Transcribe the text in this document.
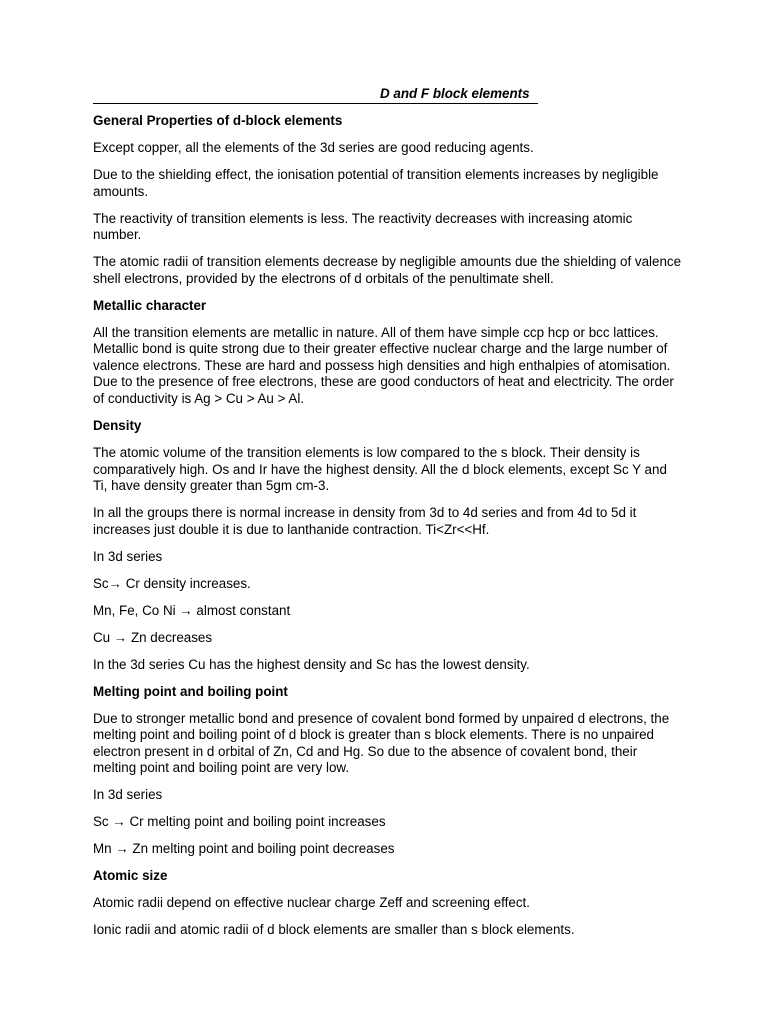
D and F block elements
General Properties of d-block elements
Except copper, all the elements of the 3d series are good reducing agents.
Due to the shielding effect, the ionisation potential of transition elements increases by negligible amounts.
The reactivity of transition elements is less. The reactivity decreases with increasing atomic number.
The atomic radii of transition elements decrease by negligible amounts due the shielding of valence shell electrons, provided by the electrons of d orbitals of the penultimate shell.
Metallic character
All the transition elements are metallic in nature. All of them have simple ccp hcp or bcc lattices. Metallic bond is quite strong due to their greater effective nuclear charge and the large number of valence electrons. These are hard and possess high densities and high enthalpies of atomisation. Due to the presence of free electrons, these are good conductors of heat and electricity. The order of conductivity is Ag > Cu > Au > Al.
Density
The atomic volume of the transition elements is low compared to the s block. Their density is comparatively high. Os and Ir have the highest density. All the d block elements, except Sc Y and Ti, have density greater than 5gm cm-3.
In all the groups there is normal increase in density from 3d to 4d series and from 4d to 5d it increases just double it is due to lanthanide contraction. Ti<Zr<<Hf.
In 3d series
Sc→ Cr density increases.
Mn, Fe, Co Ni → almost constant
Cu → Zn decreases
In the 3d series Cu has the highest density and Sc has the lowest density.
Melting point and boiling point
Due to stronger metallic bond and presence of covalent bond formed by unpaired d electrons, the melting point and boiling point of d block is greater than s block elements. There is no unpaired electron present in d orbital of Zn, Cd and Hg. So due to the absence of covalent bond, their melting point and boiling point are very low.
In 3d series
Sc → Cr melting point and boiling point increases
Mn → Zn melting point and boiling point decreases
Atomic size
Atomic radii depend on effective nuclear charge Zeff and screening effect.
Ionic radii and atomic radii of d block elements are smaller than s block elements.
